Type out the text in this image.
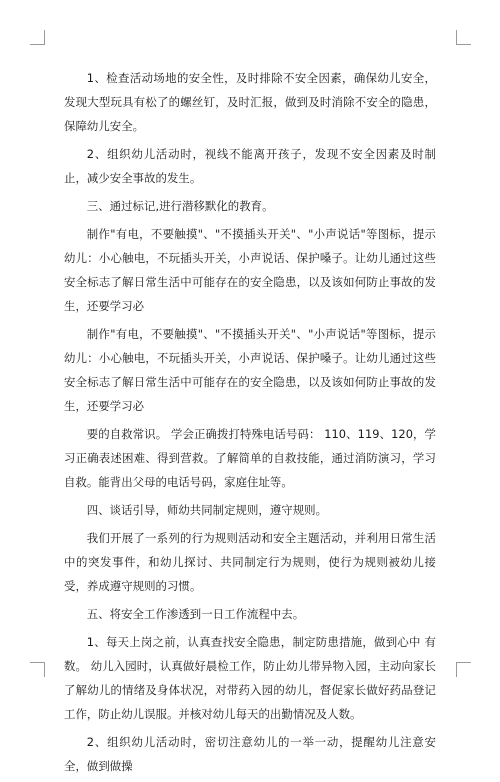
1、检查活动场地的安全性，及时排除不安全因素，确保幼儿安全，发现大型玩具有松了的螺丝钉，及时汇报，做到及时消除不安全的隐患，保障幼儿安全。

2、组织幼儿活动时，视线不能离开孩子，发现不安全因素及时制止，减少安全事故的发生。

三、通过标记,进行潜移默化的教育。

制作"有电，不要触摸"、"不摸插头开关"、"小声说话"等图标，提示幼儿：小心触电，不玩插头开关，小声说话、保护嗓子。让幼儿通过这些安全标志了解日常生活中可能存在的安全隐患，以及该如何防止事故的发生，还要学习必

制作"有电，不要触摸"、"不摸插头开关"、"小声说话"等图标，提示幼儿：小心触电，不玩插头开关，小声说话、保护嗓子。让幼儿通过这些安全标志了解日常生活中可能存在的安全隐患，以及该如何防止事故的发生，还要学习必

要的自救常识。 学会正确拨打特殊电话号码： 110、119、120，学习正确表述困难、得到营救。了解简单的自救技能，通过消防演习，学习自救。能背出父母的电话号码，家庭住址等。

四、谈话引导，师幼共同制定规则，遵守规则。

我们开展了一系列的行为规则活动和安全主题活动，并利用日常生活中的突发事件，和幼儿探讨、共同制定行为规则，使行为规则被幼儿接受，养成遵守规则的习惯。

五、将安全工作渗透到一日工作流程中去。

1、每天上岗之前，认真查找安全隐患，制定防患措施，做到心中 有数。 幼儿入园时，认真做好晨检工作，防止幼儿带异物入园，主动向家长了解幼儿的情绪及身体状况，对带药入园的幼儿，督促家长做好药品登记工作，防止幼儿误服。并核对幼儿每天的出勤情况及人数。

2、组织幼儿活动时，密切注意幼儿的一举一动，提醒幼儿注意安全，做到做操
